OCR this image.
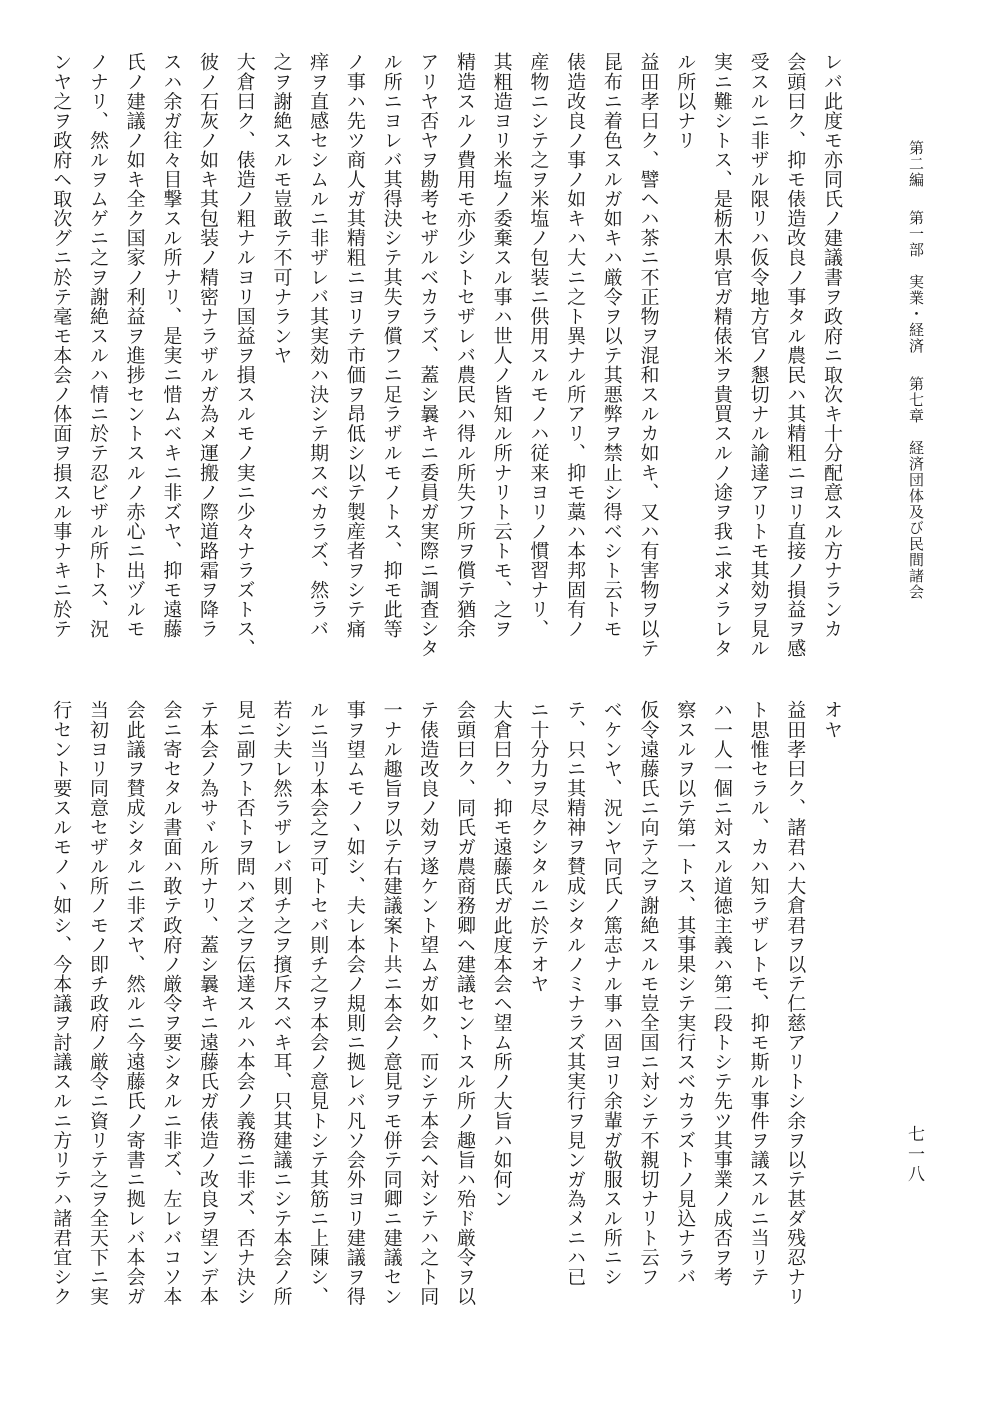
第二編 第一部　実業・経済 第七章　経済団体及び民間諸会
七一八
レバ此度モ亦同氏ノ建議書ヲ政府ニ取次キ十分配意スル方ナランカ
会頭曰ク、抑モ俵造改良ノ事タル農民ハ其精粗ニヨリ直接ノ損益ヲ感
受スルニ非ザル限リハ仮令地方官ノ懇切ナル諭達アリトモ其効ヲ見ル
実ニ難シトス、是栃木県官ガ精俵米ヲ貴買スルノ途ヲ我ニ求メラレタ
ル所以ナリ
益田孝曰ク、譬ヘハ茶ニ不正物ヲ混和スルカ如キ、又ハ有害物ヲ以テ
昆布ニ着色スルガ如キハ厳令ヲ以テ其悪弊ヲ禁止シ得ベシト云トモ
俵造改良ノ事ノ如キハ大ニ之ト異ナル所アリ、抑モ藁ハ本邦固有ノ
産物ニシテ之ヲ米塩ノ包装ニ供用スルモノハ従来ヨリノ慣習ナリ、
其粗造ヨリ米塩ノ委棄スル事ハ世人ノ皆知ル所ナリト云トモ、之ヲ
精造スルノ費用モ亦少シトセザレバ農民ハ得ル所失フ所ヲ償テ猶余
アリヤ否ヤヲ勘考セザルベカラズ、蓋シ曩キニ委員ガ実際ニ調査シタ
ル所ニヨレバ其得決シテ其失ヲ償フニ足ラザルモノトス、抑モ此等
ノ事ハ先ツ商人ガ其精粗ニヨリテ市価ヲ昂低シ以テ製産者ヲシテ痛
痒ヲ直感セシムルニ非ザレバ其実効ハ決シテ期スベカラズ、然ラバ
之ヲ謝絶スルモ豈敢テ不可ナランヤ
大倉曰ク、俵造ノ粗ナルヨリ国益ヲ損スルモノ実ニ少々ナラズトス、
彼ノ石灰ノ如キ其包装ノ精密ナラザルガ為メ運搬ノ際道路霜ヲ降ラ
スハ余ガ往々目撃スル所ナリ、是実ニ惜ムベキニ非ズヤ、抑モ遠藤
氏ノ建議ノ如キ全ク国家ノ利益ヲ進捗セントスルノ赤心ニ出ヅルモ
ノナリ、然ルヲムゲニ之ヲ謝絶スルハ情ニ於テ忍ビザル所トス、況
ンヤ之ヲ政府ヘ取次グニ於テ毫モ本会ノ体面ヲ損スル事ナキニ於テ
オヤ
益田孝曰ク、諸君ハ大倉君ヲ以テ仁慈アリトシ余ヲ以テ甚ダ残忍ナリ
ト思惟セラル、カハ知ラザレトモ、抑モ斯ル事件ヲ議スルニ当リテ
ハ一人一個ニ対スル道徳主義ハ第二段トシテ先ツ其事業ノ成否ヲ考
察スルヲ以テ第一トス、其事果シテ実行スベカラズトノ見込ナラバ
仮令遠藤氏ニ向テ之ヲ謝絶スルモ豈全国ニ対シテ不親切ナリト云フ
ベケンヤ、況ンヤ同氏ノ篤志ナル事ハ固ヨリ余輩ガ敬服スル所ニシ
テ、只ニ其精神ヲ賛成シタルノミナラズ其実行ヲ見ンガ為メニハ已
ニ十分力ヲ尽クシタルニ於テオヤ
大倉曰ク、抑モ遠藤氏ガ此度本会ヘ望ム所ノ大旨ハ如何ン
会頭曰ク、同氏ガ農商務卿ヘ建議セントスル所ノ趣旨ハ殆ド厳令ヲ以
テ俵造改良ノ効ヲ遂ケント望ムガ如ク、而シテ本会ヘ対シテハ之ト同
一ナル趣旨ヲ以テ右建議案ト共ニ本会ノ意見ヲモ併テ同卿ニ建議セン
事ヲ望ムモノヽ如シ、夫レ本会ノ規則ニ拠レバ凡ソ会外ヨリ建議ヲ得
ルニ当リ本会之ヲ可トセバ則チ之ヲ本会ノ意見トシテ其筋ニ上陳シ、
若シ夫レ然ラザレバ則チ之ヲ擯斥スベキ耳、只其建議ニシテ本会ノ所
見ニ副フト否トヲ問ハズ之ヲ伝達スルハ本会ノ義務ニ非ズ、否ナ決シ
テ本会ノ為サヾル所ナリ、蓋シ曩キニ遠藤氏ガ俵造ノ改良ヲ望ンデ本
会ニ寄セタル書面ハ敢テ政府ノ厳令ヲ要シタルニ非ズ、左レバコソ本
会此議ヲ賛成シタルニ非ズヤ、然ルニ今遠藤氏ノ寄書ニ拠レバ本会ガ
当初ヨリ同意セザル所ノモノ即チ政府ノ厳令ニ資リテ之ヲ全天下ニ実
行セント要スルモノヽ如シ、今本議ヲ討議スルニ方リテハ諸君宜シク
